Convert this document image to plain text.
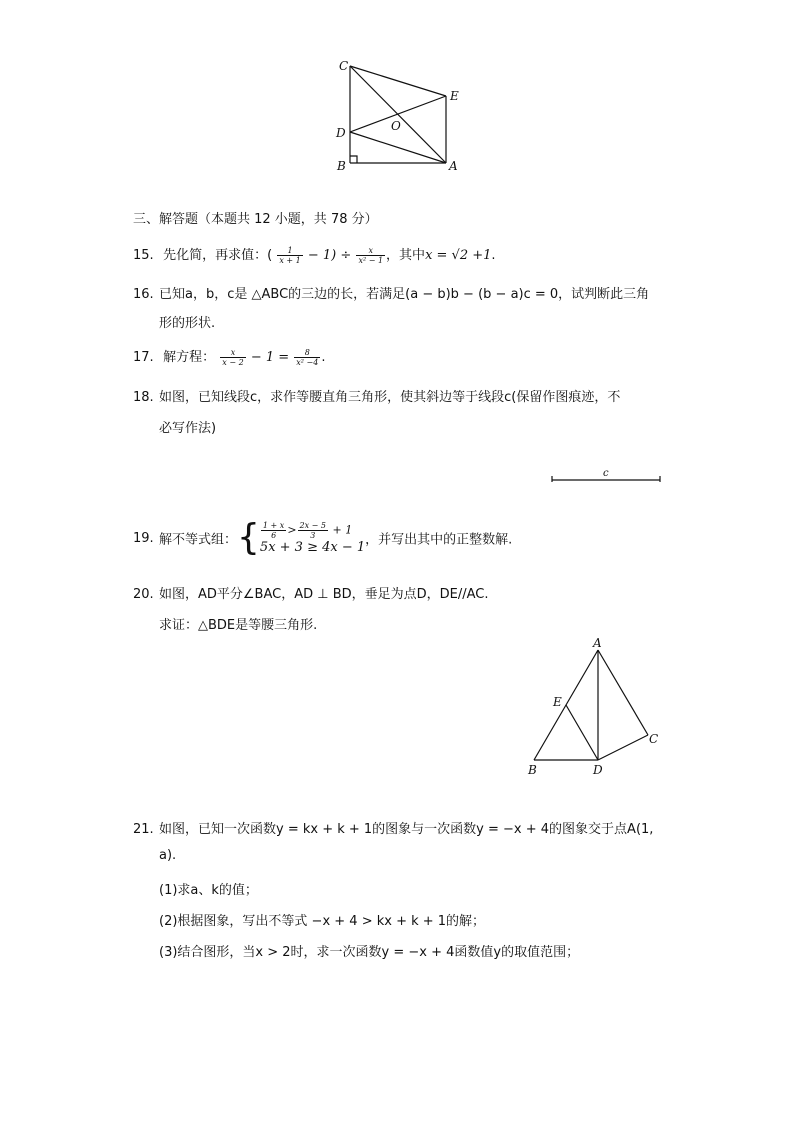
C
E
D	O
B	A
三、解答题（本题共 12 小题，共 78 分）
15. 先化简，再求值：( $\frac{1}{x + 1} - 1) \div \frac{x}{\text{x² − 1}}$ ，其中x = √2 +1.
16. 已知a，b，c是 △ABC的三边的长，若满足(a − b)b − (b − a)c = 0，试判断此三角
形的形状.
17. 解方程： $\frac{x}{x - 2} - 1 = \frac{8}{\text{x² −4}}$ .
18. 如图，已知线段c，求作等腰直角三角形，使其斜边等于线段c(保留作图痕迹，不
必写作法)
c
19. 解不等式组：{ $\frac{1 + x}{6} > \frac{2x - 5}{3} + 1$
5x + 3 ≥ 4x − 1 ，并写出其中的正整数解.
20. 如图，AD平分∠BAC，AD ⊥ BD，垂足为点D，DE//AC.
求证：△BDE是等腰三角形.
A
E
C
B	D
21. 如图，已知一次函数y = kx + k + 1的图象与一次函数y = −x + 4的图象交于点A(1,
a).
(1)求a、k的值；
(2)根据图象，写出不等式 −x + 4 > kx + k + 1的解；
(3)结合图形，当x > 2时，求一次函数y = −x + 4函数值y的取值范围；
